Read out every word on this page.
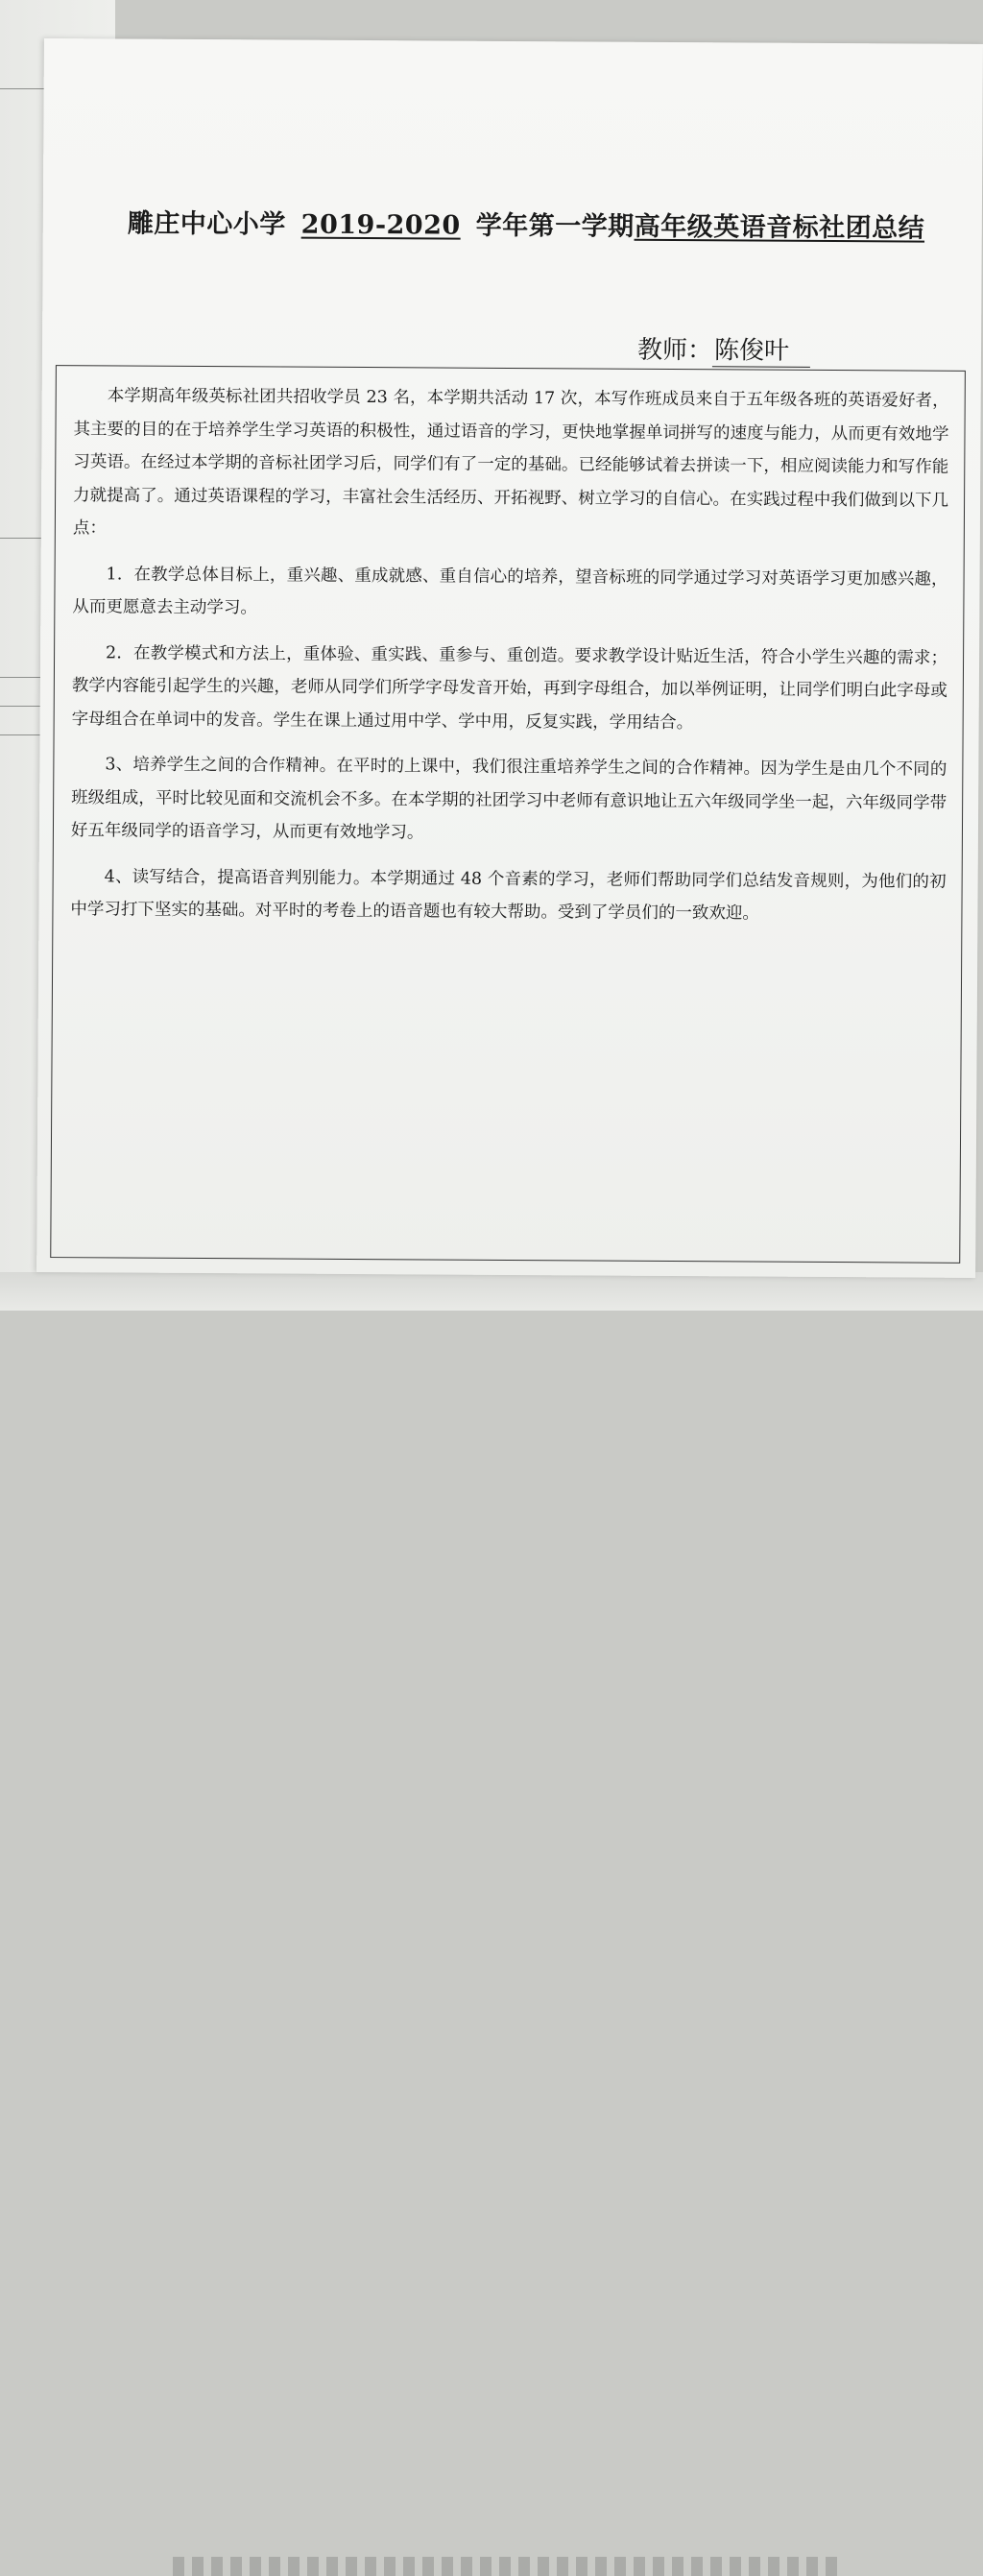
雕庄中心小学 2019-2020 学年第一学期高年级英语音标社团总结
教师：陈俊叶

本学期高年级英标社团共招收学员 23 名，本学期共活动 17 次，本写作班成员来自于五年级各班的英语爱好者，其主要的目的在于培养学生学习英语的积极性，通过语音的学习，更快地掌握单词拼写的速度与能力，从而更有效地学习英语。在经过本学期的音标社团学习后，同学们有了一定的基础。已经能够试着去拼读一下，相应阅读能力和写作能力就提高了。通过英语课程的学习，丰富社会生活经历、开拓视野、树立学习的自信心。在实践过程中我们做到以下几点：

1．在教学总体目标上，重兴趣、重成就感、重自信心的培养，望音标班的同学通过学习对英语学习更加感兴趣，从而更愿意去主动学习。

2．在教学模式和方法上，重体验、重实践、重参与、重创造。要求教学设计贴近生活，符合小学生兴趣的需求；教学内容能引起学生的兴趣，老师从同学们所学字母发音开始，再到字母组合，加以举例证明，让同学们明白此字母或字母组合在单词中的发音。学生在课上通过用中学、学中用，反复实践，学用结合。

3、培养学生之间的合作精神。在平时的上课中，我们很注重培养学生之间的合作精神。因为学生是由几个不同的班级组成，平时比较见面和交流机会不多。在本学期的社团学习中老师有意识地让五六年级同学坐一起，六年级同学带好五年级同学的语音学习，从而更有效地学习。

4、读写结合，提高语音判别能力。本学期通过 48 个音素的学习，老师们帮助同学们总结发音规则，为他们的初中学习打下坚实的基础。对平时的考卷上的语音题也有较大帮助。受到了学员们的一致欢迎。
